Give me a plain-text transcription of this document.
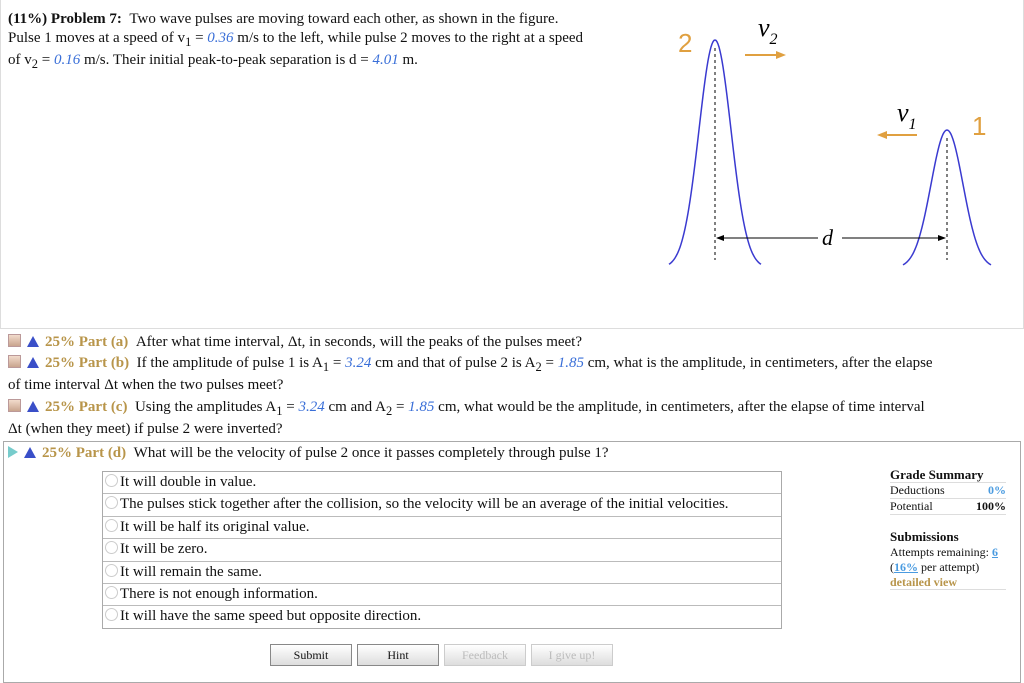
(11%) Problem 7: Two wave pulses are moving toward each other, as shown in the figure.
Pulse 1 moves at a speed of $v_1 = 0.36$ m/s to the left, while pulse 2 moves to the right at a speed
of $v_2 = 0.16$ m/s. Their initial peak-to-peak separation is d = 4.01 m.
d
2
1
$v_2$
$v_1$
25% Part (a) After what time interval, Δt, in seconds, will the peaks of the pulses meet?
25% Part (b) If the amplitude of pulse 1 is $A_1 = 3.24$ cm and that of pulse 2 is $A_2 = 1.85$ cm, what is the amplitude, in centimeters, after the elapse
of time interval Δt when the two pulses meet?
25% Part (c) Using the amplitudes $A_1 = 3.24$ cm and $A_2 = 1.85$ cm, what would be the amplitude, in centimeters, after the elapse of time interval
Δt (when they meet) if pulse 2 were inverted?
25% Part (d) What will be the velocity of pulse 2 once it passes completely through pulse 1?
It will double in value.
The pulses stick together after the collision, so the velocity will be an average of the initial velocities.
It will be half its original value.
It will be zero.
It will remain the same.
There is not enough information.
It will have the same speed but opposite direction.
Submit	Hint	Feedback	I give up!
Grade Summary
Deductions	0%
Potential	100%
Submissions
Attempts remaining: 6
(16% per attempt)
detailed view
